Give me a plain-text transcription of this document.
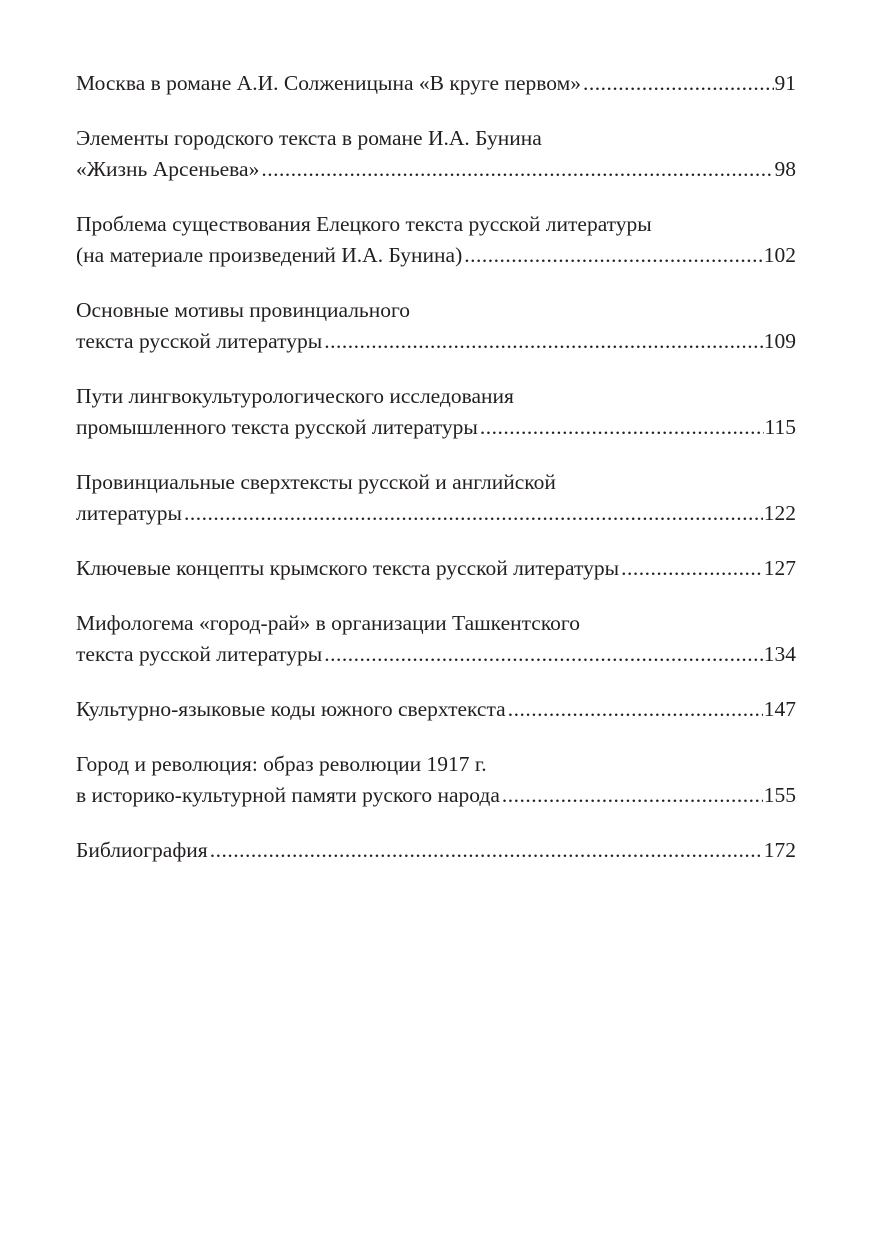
Москва в романе А.И. Солженицына «В круге первом» .....	91
Элементы городского текста в романе И.А. Бунина
«Жизнь Арсеньева» .....	98
Проблема существования Елецкого текста русской литературы
(на материале произведений И.А. Бунина) .....	102
Основные мотивы провинциального
текста русской литературы .....	109
Пути лингвокультурологического исследования
промышленного текста русской литературы .....	115
Провинциальные сверхтексты русской и английской
литературы .....	122
Ключевые концепты крымского текста русской литературы .....	127
Мифологема «город-рай» в организации Ташкентского
текста русской литературы .....	134
Культурно-языковые коды южного сверхтекста .....	147
Город и революция: образ революции 1917 г.
в историко-культурной памяти руского народа .....	155
Библиография .....	172
